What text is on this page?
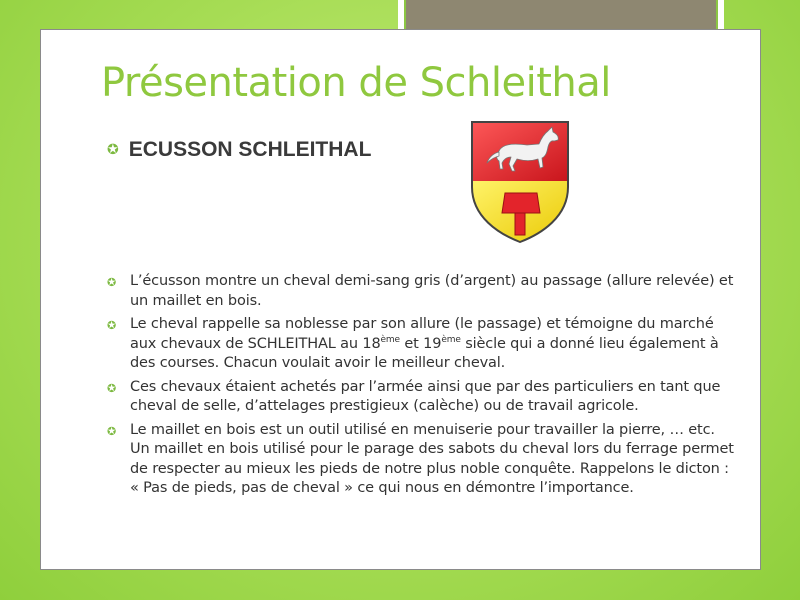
Présentation de Schleithal
✪ ECUSSON SCHLEITHAL
✪ L’écusson montre un cheval demi-sang gris (d’argent) au passage (allure relevée) et un maillet en bois.
✪ Le cheval rappelle sa noblesse par son allure (le passage) et témoigne du marché aux chevaux de SCHLEITHAL au 18ème et 19ème siècle qui a donné lieu également à des courses. Chacun voulait avoir le meilleur cheval.
✪ Ces chevaux étaient achetés par l’armée ainsi que par des particuliers en tant que cheval de selle, d’attelages prestigieux (calèche) ou de travail agricole.
✪ Le maillet en bois est un outil utilisé en menuiserie pour travailler la pierre, … etc. Un maillet en bois utilisé pour le parage des sabots du cheval lors du ferrage permet de respecter au mieux les pieds de notre plus noble conquête. Rappelons le dicton : « Pas de pieds, pas de cheval » ce qui nous en démontre l’importance.
